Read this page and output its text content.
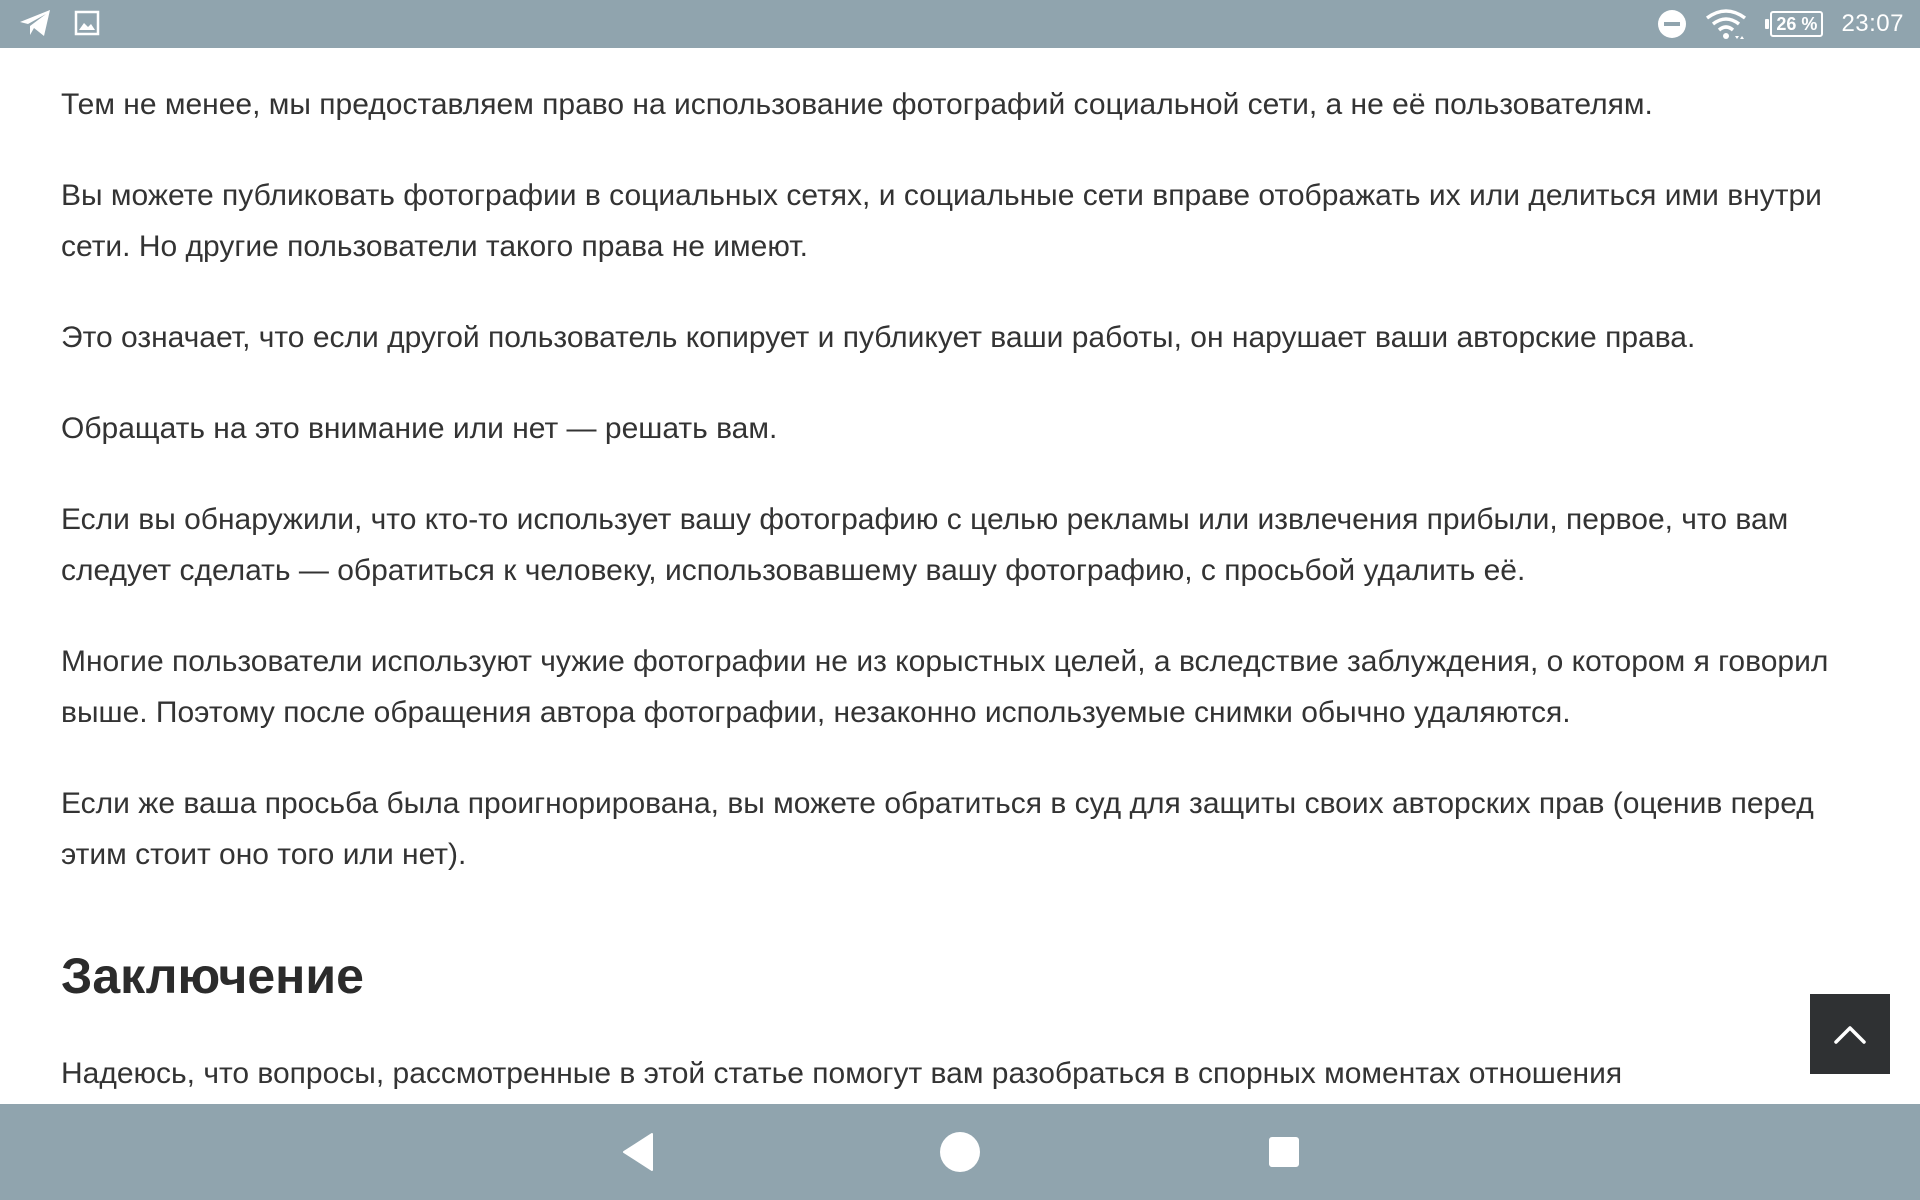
26 % 23:07

Тем не менее, мы предоставляем право на использование фотографий социальной сети, а не её пользователям.

Вы можете публиковать фотографии в социальных сетях, и социальные сети вправе отображать их или делиться ими внутри сети. Но другие пользователи такого права не имеют.

Это означает, что если другой пользователь копирует и публикует ваши работы, он нарушает ваши авторские права.

Обращать на это внимание или нет — решать вам.

Если вы обнаружили, что кто-то использует вашу фотографию с целью рекламы или извлечения прибыли, первое, что вам следует сделать — обратиться к человеку, использовавшему вашу фотографию, с просьбой удалить её.

Многие пользователи используют чужие фотографии не из корыстных целей, а вследствие заблуждения, о котором я говорил выше. Поэтому после обращения автора фотографии, незаконно используемые снимки обычно удаляются.

Если же ваша просьба была проигнорирована, вы можете обратиться в суд для защиты своих авторских прав (оценив перед этим стоит оно того или нет).

Заключение

Надеюсь, что вопросы, рассмотренные в этой статье помогут вам разобраться в спорных моментах отношения
